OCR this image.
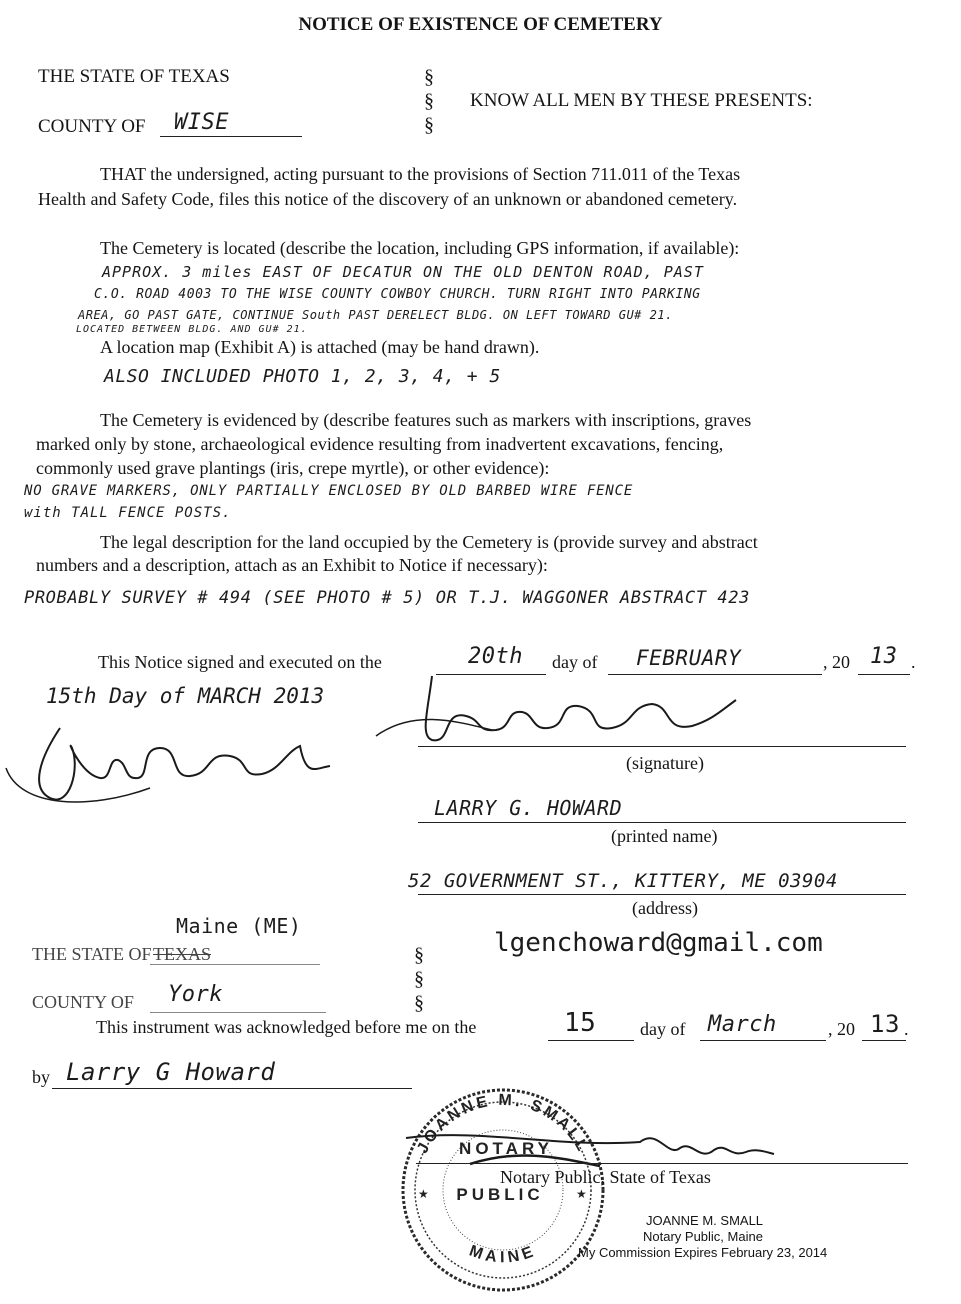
NOTICE OF EXISTENCE OF CEMETERY
THE STATE OF TEXAS
COUNTY OF WISE
§
§
§
KNOW ALL MEN BY THESE PRESENTS:
THAT the undersigned, acting pursuant to the provisions of Section 711.011 of the Texas
Health and Safety Code, files this notice of the discovery of an unknown or abandoned cemetery.
The Cemetery is located (describe the location, including GPS information, if available):
APPROX. 3 miles EAST OF DECATUR ON THE OLD DENTON ROAD, PAST
C.O. ROAD 4003 TO THE WISE COUNTY COWBOY CHURCH. TURN RIGHT INTO PARKING
AREA, GO PAST GATE, CONTINUE South PAST DERELECT BLDG. ON LEFT TOWARD GU# 21.
LOCATED BETWEEN BLDG. AND GU# 21.
A location map (Exhibit A) is attached (may be hand drawn).
ALSO INCLUDED PHOTO 1, 2, 3, 4, + 5
The Cemetery is evidenced by (describe features such as markers with inscriptions, graves
marked only by stone, archaeological evidence resulting from inadvertent excavations, fencing,
commonly used grave plantings (iris, crepe myrtle), or other evidence):
NO GRAVE MARKERS, ONLY PARTIALLY ENCLOSED BY OLD BARBED WIRE FENCE
with TALL FENCE POSTS.
The legal description for the land occupied by the Cemetery is (provide survey and abstract
numbers and a description, attach as an Exhibit to Notice if necessary):
PROBABLY SURVEY # 494 (SEE PHOTO # 5) OR T.J. WAGGONER ABSTRACT 423
This Notice signed and executed on the	20th day of FEBRUARY	, 20 13 .
15th Day of MARCH 2013
(signature)
LARRY G. HOWARD
(printed name)
52 GOVERNMENT ST., KITTERY, ME 03904
(address)
lgenchoward@gmail.com
Maine (ME)
THE STATE OF TEXAS	§
§
§
COUNTY OF York
This instrument was acknowledged before me on the	15 day of March	, 20 13 .
by Larry G Howard
JOANNE M. SMALL
MAINE
NOTARY
PUBLIC
★	★
Notary Public, State of Texas
JOANNE M. SMALL
Notary Public, Maine
My Commission Expires February 23, 2014
